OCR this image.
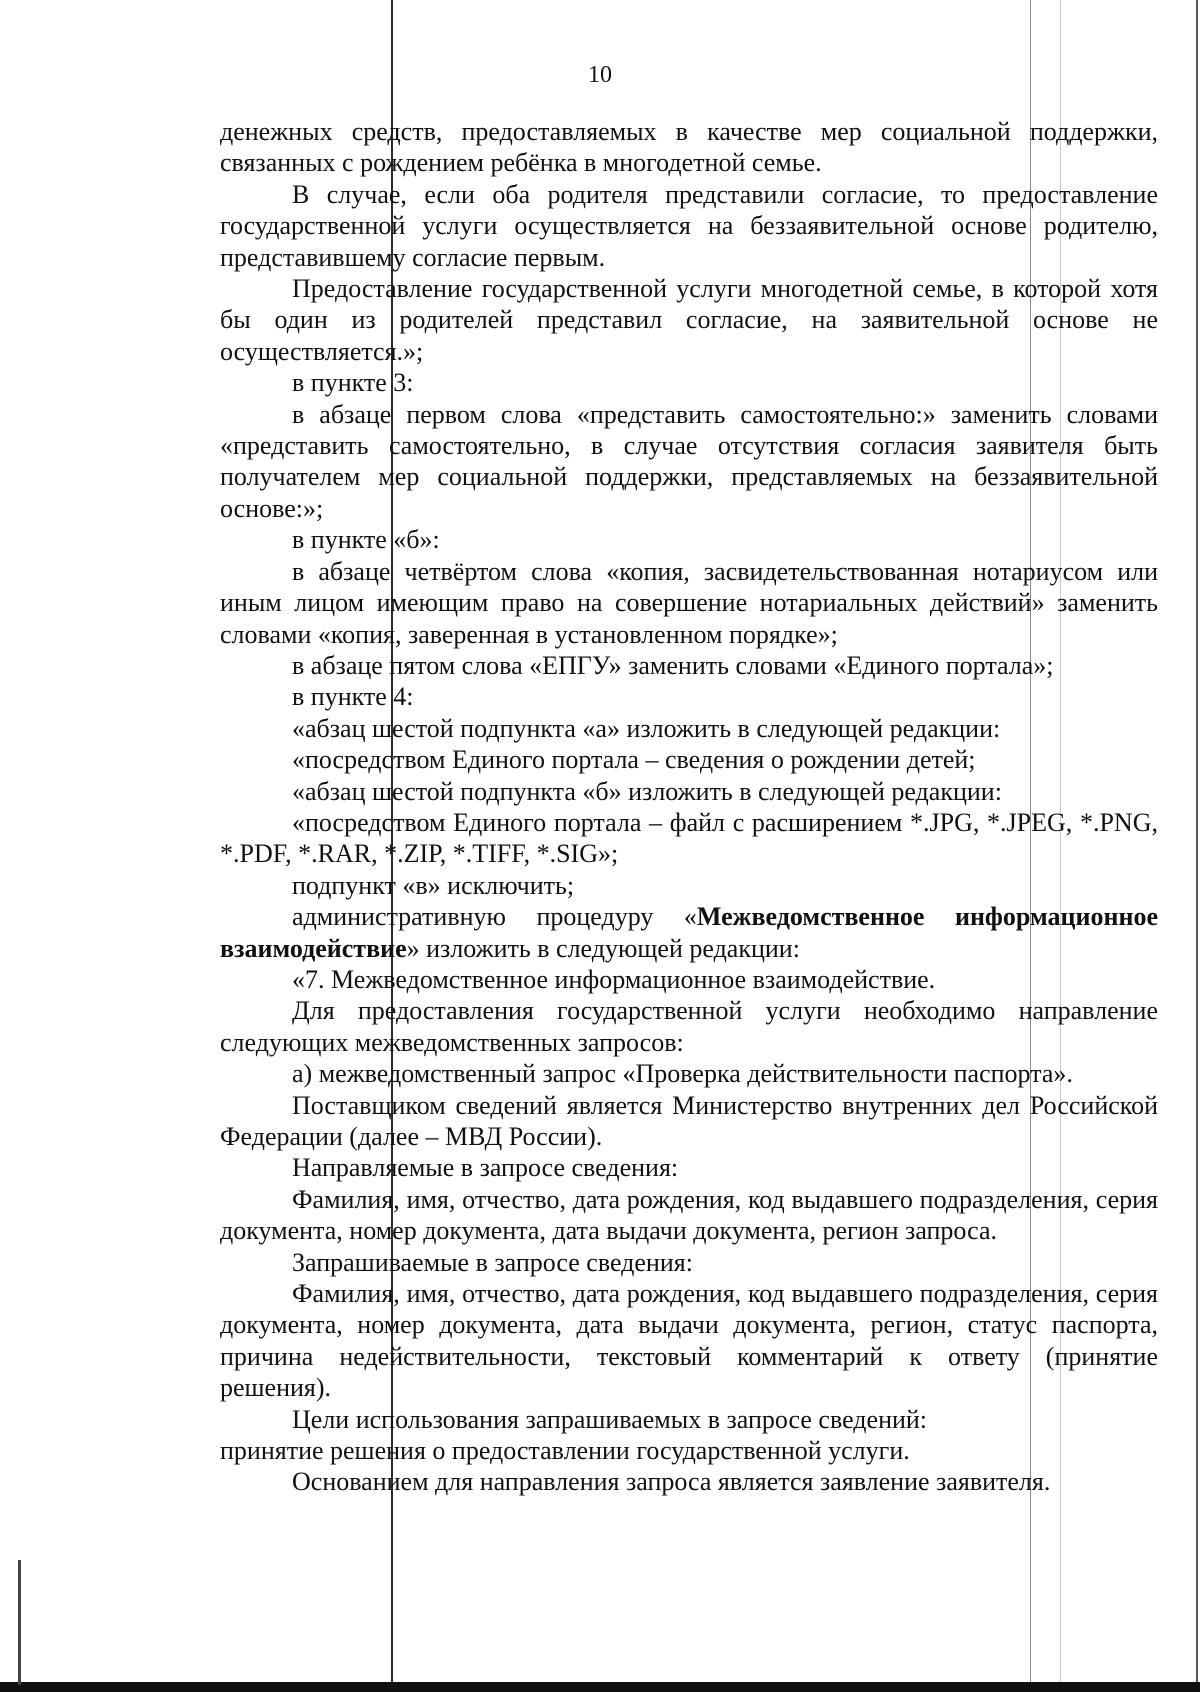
10

денежных средств, предоставляемых в качестве мер социальной поддержки, связанных с рождением ребёнка в многодетной семье.

В случае, если оба родителя представили согласие, то предоставление государственной услуги осуществляется на беззаявительной основе родителю, представившему согласие первым.

Предоставление государственной услуги многодетной семье, в которой хотя бы один из родителей представил согласие, на заявительной основе не осуществляется.»;

в пункте 3:

в абзаце первом слова «представить самостоятельно:» заменить словами «представить самостоятельно, в случае отсутствия согласия заявителя быть получателем мер социальной поддержки, представляемых на беззаявительной основе:»;

в пункте «б»:

в абзаце четвёртом слова «копия, засвидетельствованная нотариусом или иным лицом имеющим право на совершение нотариальных действий» заменить словами «копия, заверенная в установленном порядке»;

в абзаце пятом слова «ЕПГУ» заменить словами «Единого портала»;

в пункте 4:

«абзац шестой подпункта «а» изложить в следующей редакции:

«посредством Единого портала – сведения о рождении детей;

«абзац шестой подпункта «б» изложить в следующей редакции:

«посредством Единого портала – файл с расширением *.JPG, *.JPEG, *.PNG, *.PDF, *.RAR, *.ZIP, *.TIFF, *.SIG»;

подпункт «в» исключить;

административную процедуру «Межведомственное информационное взаимодействие» изложить в следующей редакции:

«7. Межведомственное информационное взаимодействие.

Для предоставления государственной услуги необходимо направление следующих межведомственных запросов:

а) межведомственный запрос «Проверка действительности паспорта».

Поставщиком сведений является Министерство внутренних дел Российской Федерации (далее – МВД России).

Направляемые в запросе сведения:

Фамилия, имя, отчество, дата рождения, код выдавшего подразделения, серия документа, номер документа, дата выдачи документа, регион запроса.

Запрашиваемые в запросе сведения:

Фамилия, имя, отчество, дата рождения, код выдавшего подразделения, серия документа, номер документа, дата выдачи документа, регион, статус паспорта, причина недействительности, текстовый комментарий к ответу (принятие решения).

Цели использования запрашиваемых в запросе сведений:

принятие решения о предоставлении государственной услуги.

Основанием для направления запроса является заявление заявителя.
